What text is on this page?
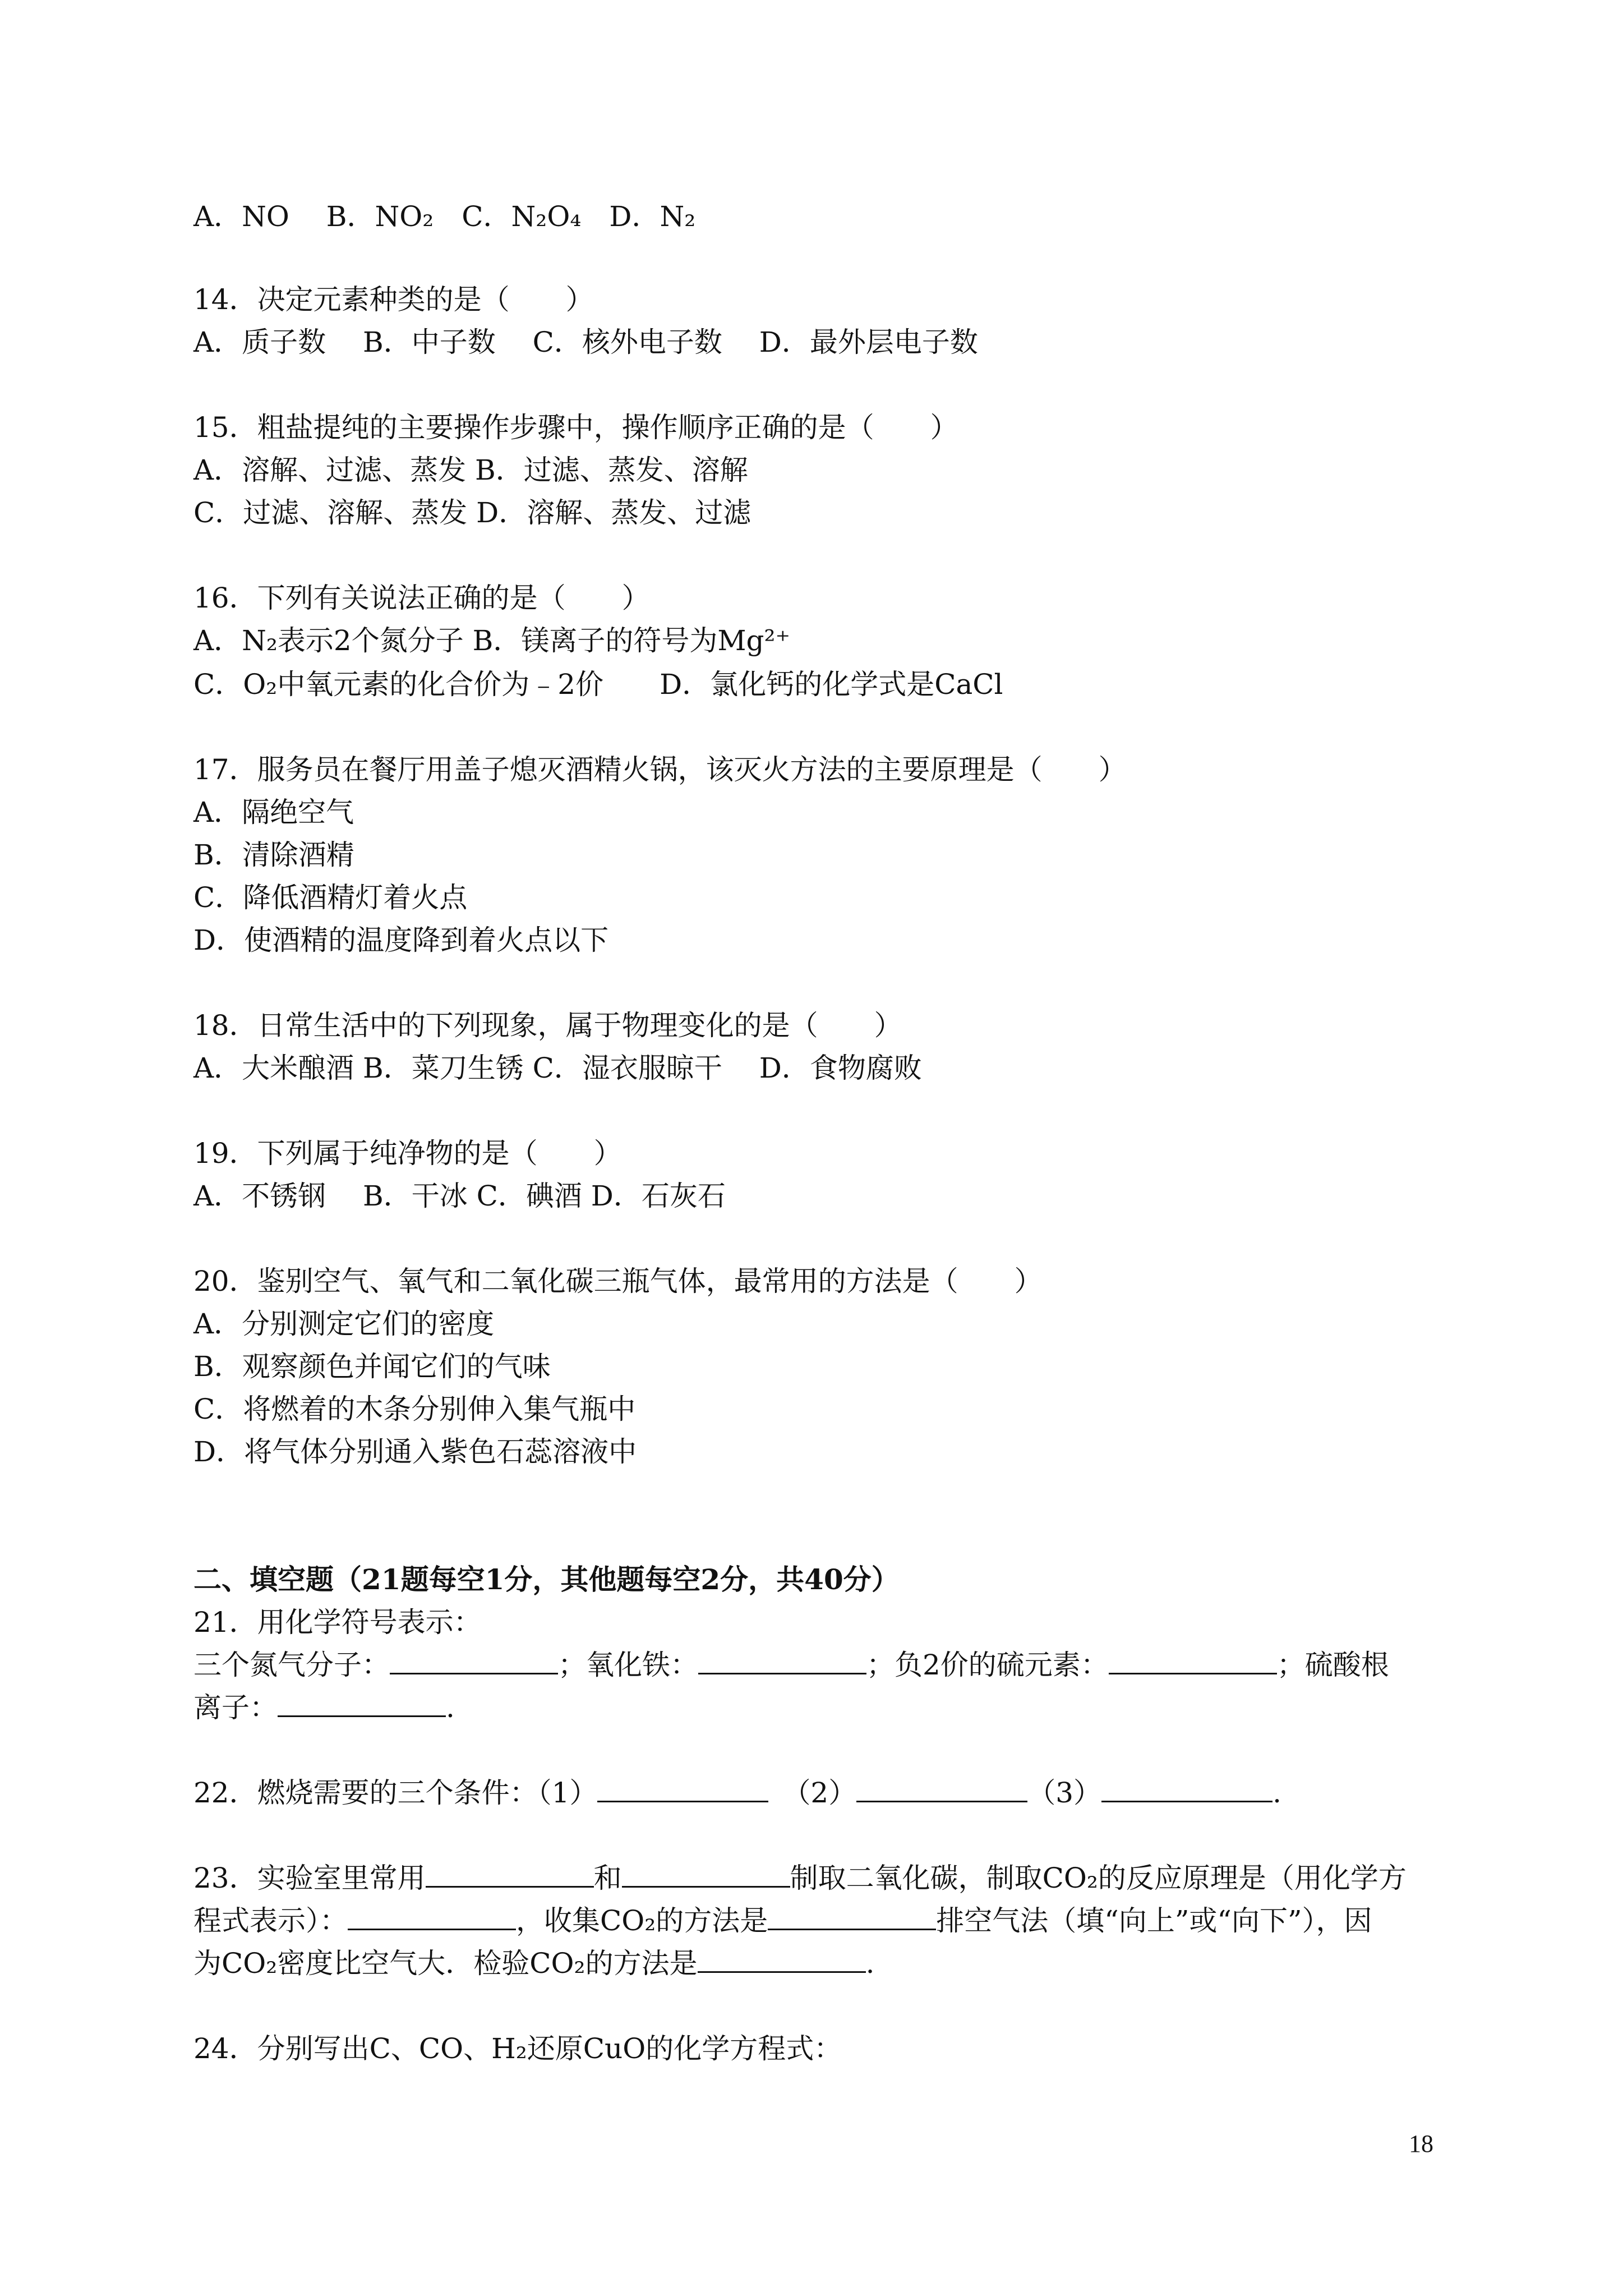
A．NO　 B．NO₂　C．N₂O₄　D．N₂
14．决定元素种类的是（　　）
A．质子数　 B．中子数　 C．核外电子数　 D．最外层电子数
15．粗盐提纯的主要操作步骤中，操作顺序正确的是（　　）
A．溶解、过滤、蒸发 B．过滤、蒸发、溶解
C．过滤、溶解、蒸发 D．溶解、蒸发、过滤
16．下列有关说法正确的是（　　）
A．N₂表示2个氮分子 B．镁离子的符号为Mg²⁺
C．O₂中氧元素的化合价为﹣2价　　D．氯化钙的化学式是CaCl
17．服务员在餐厅用盖子熄灭酒精火锅，该灭火方法的主要原理是（　　）
A．隔绝空气
B．清除酒精
C．降低酒精灯着火点
D．使酒精的温度降到着火点以下
18．日常生活中的下列现象，属于物理变化的是（　　）
A．大米酿酒 B．菜刀生锈 C．湿衣服晾干　 D．食物腐败
19．下列属于纯净物的是（　　）
A．不锈钢　 B．干冰 C．碘酒 D．石灰石
20．鉴别空气、氧气和二氧化碳三瓶气体，最常用的方法是（　　）
A．分别测定它们的密度
B．观察颜色并闻它们的气味
C．将燃着的木条分别伸入集气瓶中
D．将气体分别通入紫色石蕊溶液中
二、填空题（21题每空1分，其他题每空2分，共40分）
21．用化学符号表示：
三个氮气分子：	；氧化铁：	；负2价的硫元素：	；硫酸根
离子：	.
22．燃烧需要的三个条件：（1）　	（2）	（3）	.
23．实验室里常用	和	制取二氧化碳，制取CO₂的反应原理是（用化学方
程式表示）：	，收集CO₂的方法是	排空气法（填“向上”或“向下”），因
为CO₂密度比空气大．检验CO₂的方法是	.
24．分别写出C、CO、H₂还原CuO的化学方程式：
18
